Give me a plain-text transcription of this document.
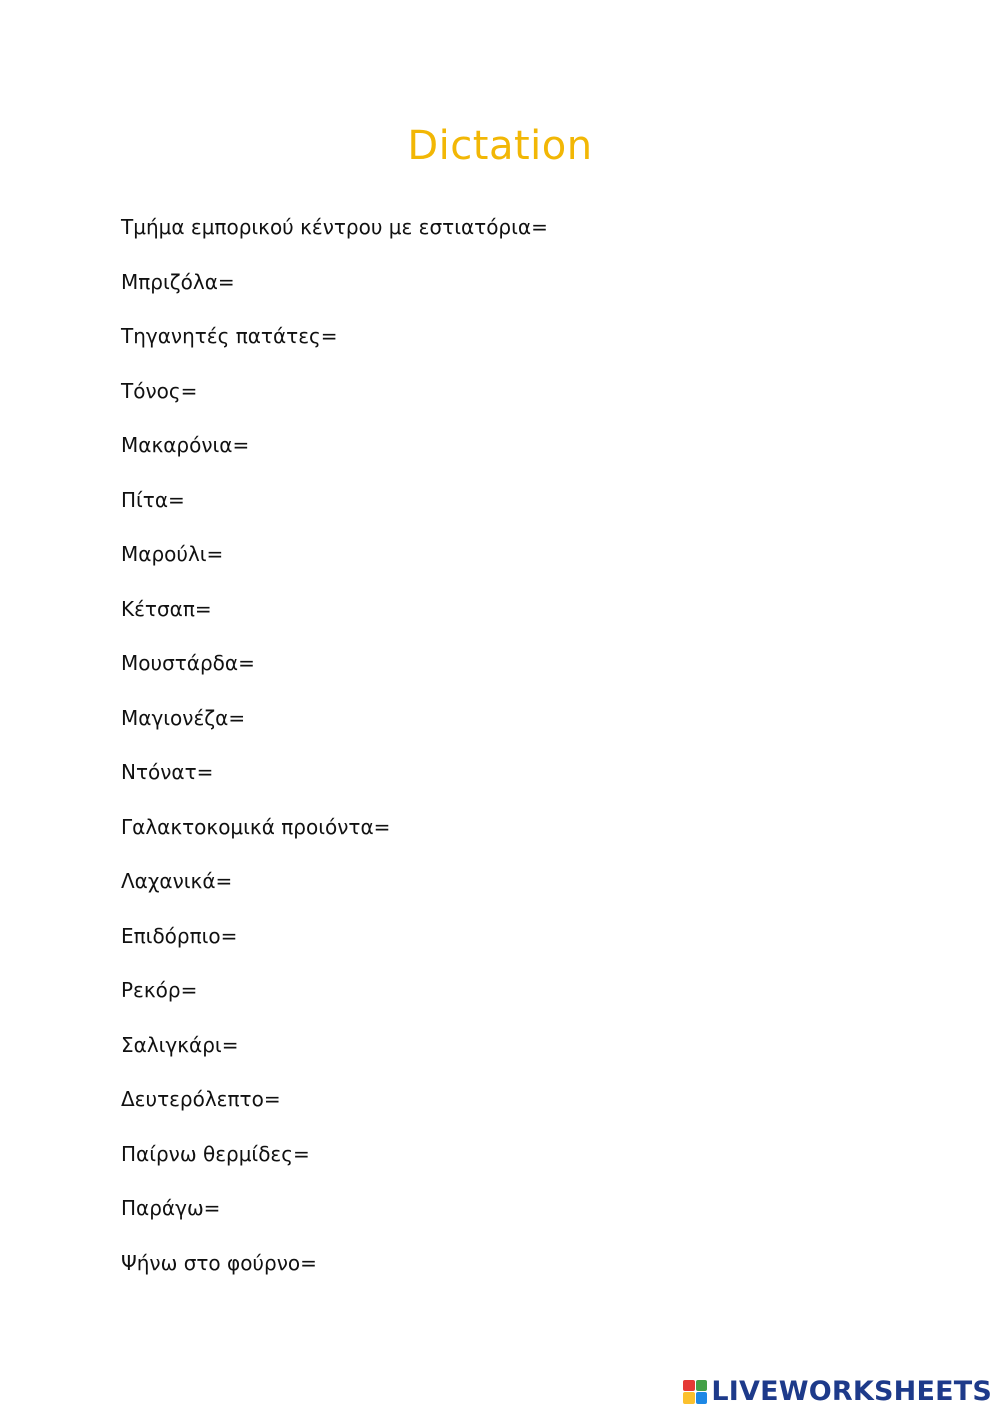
Dictation
Τμήμα εμπορικού κέντρου με εστιατόρια=
Μπριζόλα=
Τηγανητές πατάτες=
Τόνος=
Μακαρόνια=
Πίτα=
Μαρούλι=
Κέτσαπ=
Μουστάρδα=
Μαγιονέζα=
Ντόνατ=
Γαλακτοκομικά προιόντα=
Λαχανικά=
Επιδόρπιο=
Ρεκόρ=
Σαλιγκάρι=
Δευτερόλεπτο=
Παίρνω θερμίδες=
Παράγω=
Ψήνω στο φούρνο=
LIVEWORKSHEETS
